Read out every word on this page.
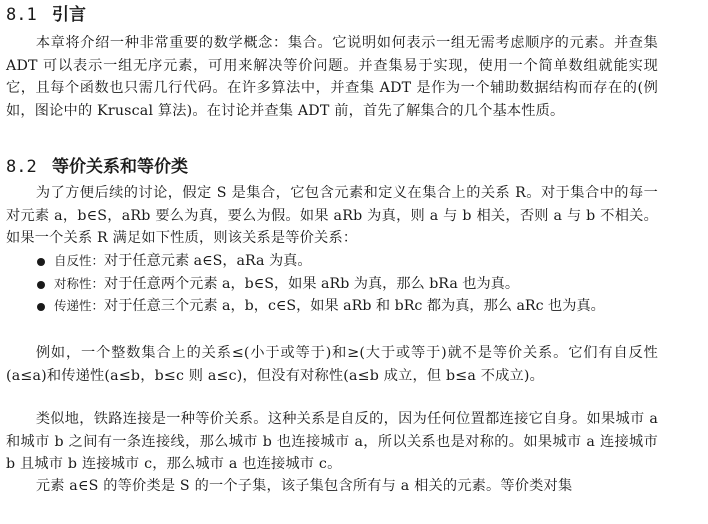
8.1 引言

本章将介绍一种非常重要的数学概念：集合。它说明如何表示一组无需考虑顺序的元素。并查集 ADT 可以表示一组无序元素，可用来解决等价问题。并查集易于实现，使用一个简单数组就能实现它，且每个函数也只需几行代码。在许多算法中，并查集 ADT 是作为一个辅助数据结构而存在的(例如，图论中的 Kruscal 算法)。在讨论并查集 ADT 前，首先了解集合的几个基本性质。

8.2 等价关系和等价类

为了方便后续的讨论，假定 S 是集合，它包含元素和定义在集合上的关系 R。对于集合中的每一对元素 a，b∈S，aRb 要么为真，要么为假。如果 aRb 为真，则 a 与 b 相关，否则 a 与 b 不相关。如果一个关系 R 满足如下性质，则该关系是等价关系：

自反性：对于任意元素 a∈S，aRa 为真。
对称性：对于任意两个元素 a，b∈S，如果 aRb 为真，那么 bRa 也为真。
传递性：对于任意三个元素 a，b，c∈S，如果 aRb 和 bRc 都为真，那么 aRc 也为真。

例如，一个整数集合上的关系≤(小于或等于)和≥(大于或等于)就不是等价关系。它们有自反性(a≤a)和传递性(a≤b，b≤c 则 a≤c)，但没有对称性(a≤b 成立，但 b≤a 不成立)。

类似地，铁路连接是一种等价关系。这种关系是自反的，因为任何位置都连接它自身。如果城市 a 和城市 b 之间有一条连接线，那么城市 b 也连接城市 a，所以关系也是对称的。如果城市 a 连接城市 b 且城市 b 连接城市 c，那么城市 a 也连接城市 c。

元素 a∈S 的等价类是 S 的一个子集，该子集包含所有与 a 相关的元素。等价类对集
